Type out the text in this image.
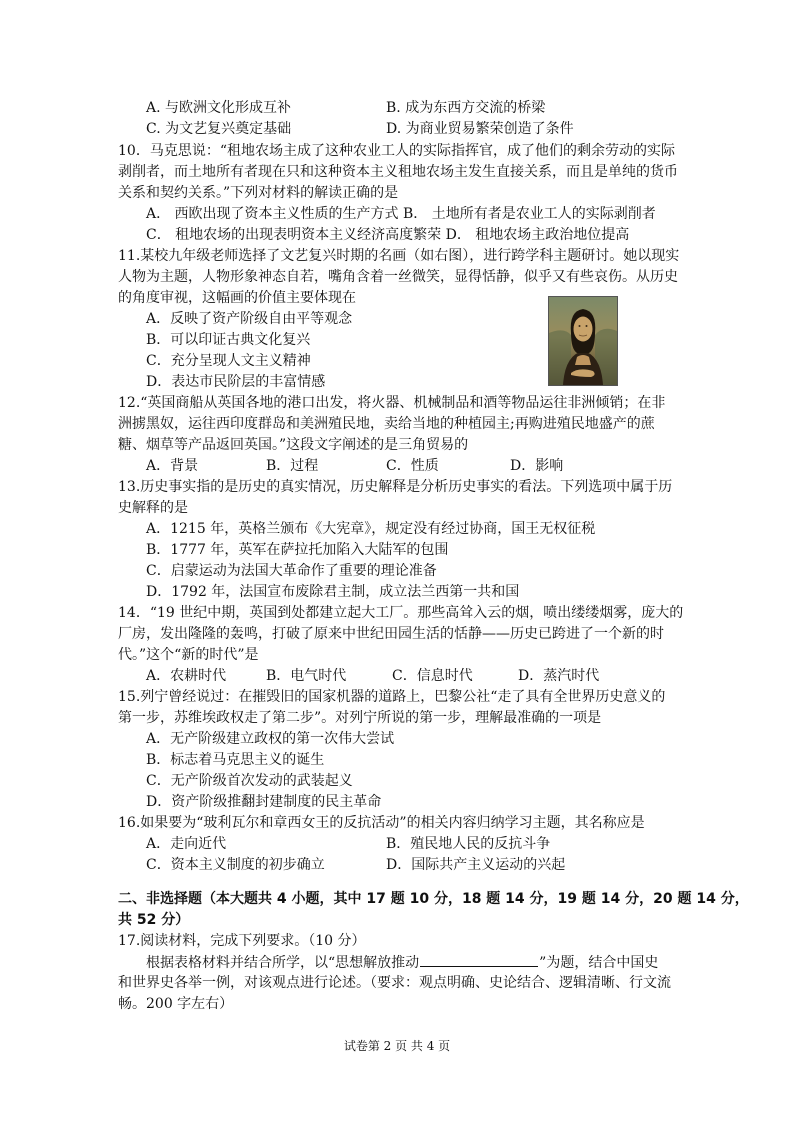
A. 与欧洲文化形成互补	B. 成为东西方交流的桥梁
C. 为文艺复兴奠定基础	D. 为商业贸易繁荣创造了条件
10．马克思说：“租地农场主成了这种农业工人的实际指挥官，成了他们的剩余劳动的实际
剥削者，而土地所有者现在只和这种资本主义租地农场主发生直接关系，而且是单纯的货币
关系和契约关系。”下列对材料的解读正确的是
A． 西欧出现了资本主义性质的生产方式 B． 土地所有者是农业工人的实际剥削者
C． 租地农场的出现表明资本主义经济高度繁荣 D． 租地农场主政治地位提高
11.某校九年级老师选择了文艺复兴时期的名画（如右图），进行跨学科主题研讨。她以现实
人物为主题，人物形象神态自若，嘴角含着一丝微笑，显得恬静，似乎又有些哀伤。从历史
的角度审视，这幅画的价值主要体现在
A．反映了资产阶级自由平等观念
B．可以印证古典文化复兴
C．充分呈现人文主义精神
D．表达市民阶层的丰富情感
12.“英国商船从英国各地的港口出发，将火器、机械制品和酒等物品运往非洲倾销；在非
洲掳黑奴，运往西印度群岛和美洲殖民地，卖给当地的种植园主;再购进殖民地盛产的蔗
糖、烟草等产品返回英国。”这段文字阐述的是三角贸易的
A．背景	B．过程	C．性质	D．影响
13.历史事实指的是历史的真实情况，历史解释是分析历史事实的看法。下列选项中属于历
史解释的是
A．1215 年，英格兰颁布《大宪章》，规定没有经过协商，国王无权征税
B．1777 年，英军在萨拉托加陷入大陆军的包围
C．启蒙运动为法国大革命作了重要的理论准备
D．1792 年，法国宣布废除君主制，成立法兰西第一共和国
14．“19 世纪中期，英国到处都建立起大工厂。那些高耸入云的烟，喷出缕缕烟雾，庞大的
厂房，发出隆隆的轰鸣，打破了原来中世纪田园生活的恬静——历史已跨进了一个新的时
代。”这个“新的时代”是
A．农耕时代	B．电气时代	C．信息时代	D．蒸汽时代
15.列宁曾经说过：在摧毁旧的国家机器的道路上，巴黎公社“走了具有全世界历史意义的
第一步，苏维埃政权走了第二步”。对列宁所说的第一步，理解最准确的一项是
A．无产阶级建立政权的第一次伟大尝试
B．标志着马克思主义的诞生
C．无产阶级首次发动的武装起义
D．资产阶级推翻封建制度的民主革命
16.如果要为“玻利瓦尔和章西女王的反抗活动”的相关内容归纳学习主题，其名称应是
A．走向近代	B．殖民地人民的反抗斗争
C．资本主义制度的初步确立	D．国际共产主义运动的兴起
二、非选择题（本大题共 4 小题，其中 17 题 10 分，18 题 14 分，19 题 14 分，20 题 14 分，
共 52 分）
17.阅读材料，完成下列要求。（10 分）
根据表格材料并结合所学，以“思想解放推动	”为题，结合中国史
和世界史各举一例，对该观点进行论述。（要求：观点明确、史论结合、逻辑清晰、行文流
畅。200 字左右）
试卷第 2 页 共 4 页
